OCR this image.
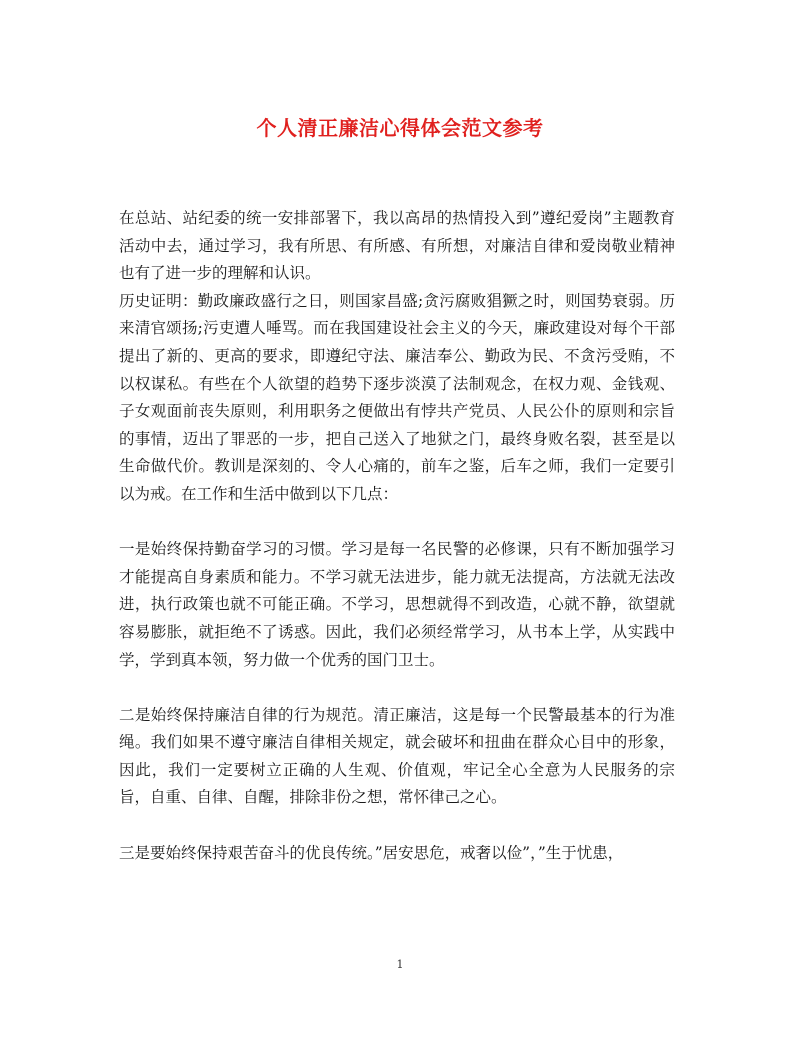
个人清正廉洁心得体会范文参考

在总站、站纪委的统一安排部署下，我以高昂的热情投入到”遵纪爱岗”主题教育活动中去，通过学习，我有所思、有所感、有所想，对廉洁自律和爱岗敬业精神也有了进一步的理解和认识。

历史证明：勤政廉政盛行之日，则国家昌盛;贪污腐败猖獗之时，则国势衰弱。历来清官颂扬;污吏遭人唾骂。而在我国建设社会主义的今天，廉政建设对每个干部提出了新的、更高的要求，即遵纪守法、廉洁奉公、勤政为民、不贪污受贿，不以权谋私。有些在个人欲望的趋势下逐步淡漠了法制观念，在权力观、金钱观、子女观面前丧失原则，利用职务之便做出有悖共产党员、人民公仆的原则和宗旨的事情，迈出了罪恶的一步，把自己送入了地狱之门，最终身败名裂，甚至是以生命做代价。教训是深刻的、令人心痛的，前车之鉴，后车之师，我们一定要引以为戒。在工作和生活中做到以下几点：

一是始终保持勤奋学习的习惯。学习是每一名民警的必修课，只有不断加强学习才能提高自身素质和能力。不学习就无法进步，能力就无法提高，方法就无法改进，执行政策也就不可能正确。不学习，思想就得不到改造，心就不静，欲望就容易膨胀，就拒绝不了诱惑。因此，我们必须经常学习，从书本上学，从实践中学，学到真本领，努力做一个优秀的国门卫士。

二是始终保持廉洁自律的行为规范。清正廉洁，这是每一个民警最基本的行为准绳。我们如果不遵守廉洁自律相关规定，就会破坏和扭曲在群众心目中的形象，因此，我们一定要树立正确的人生观、价值观，牢记全心全意为人民服务的宗旨，自重、自律、自醒，排除非份之想，常怀律己之心。

三是要始终保持艰苦奋斗的优良传统。”居安思危，戒奢以俭”，”生于忧患，

1
